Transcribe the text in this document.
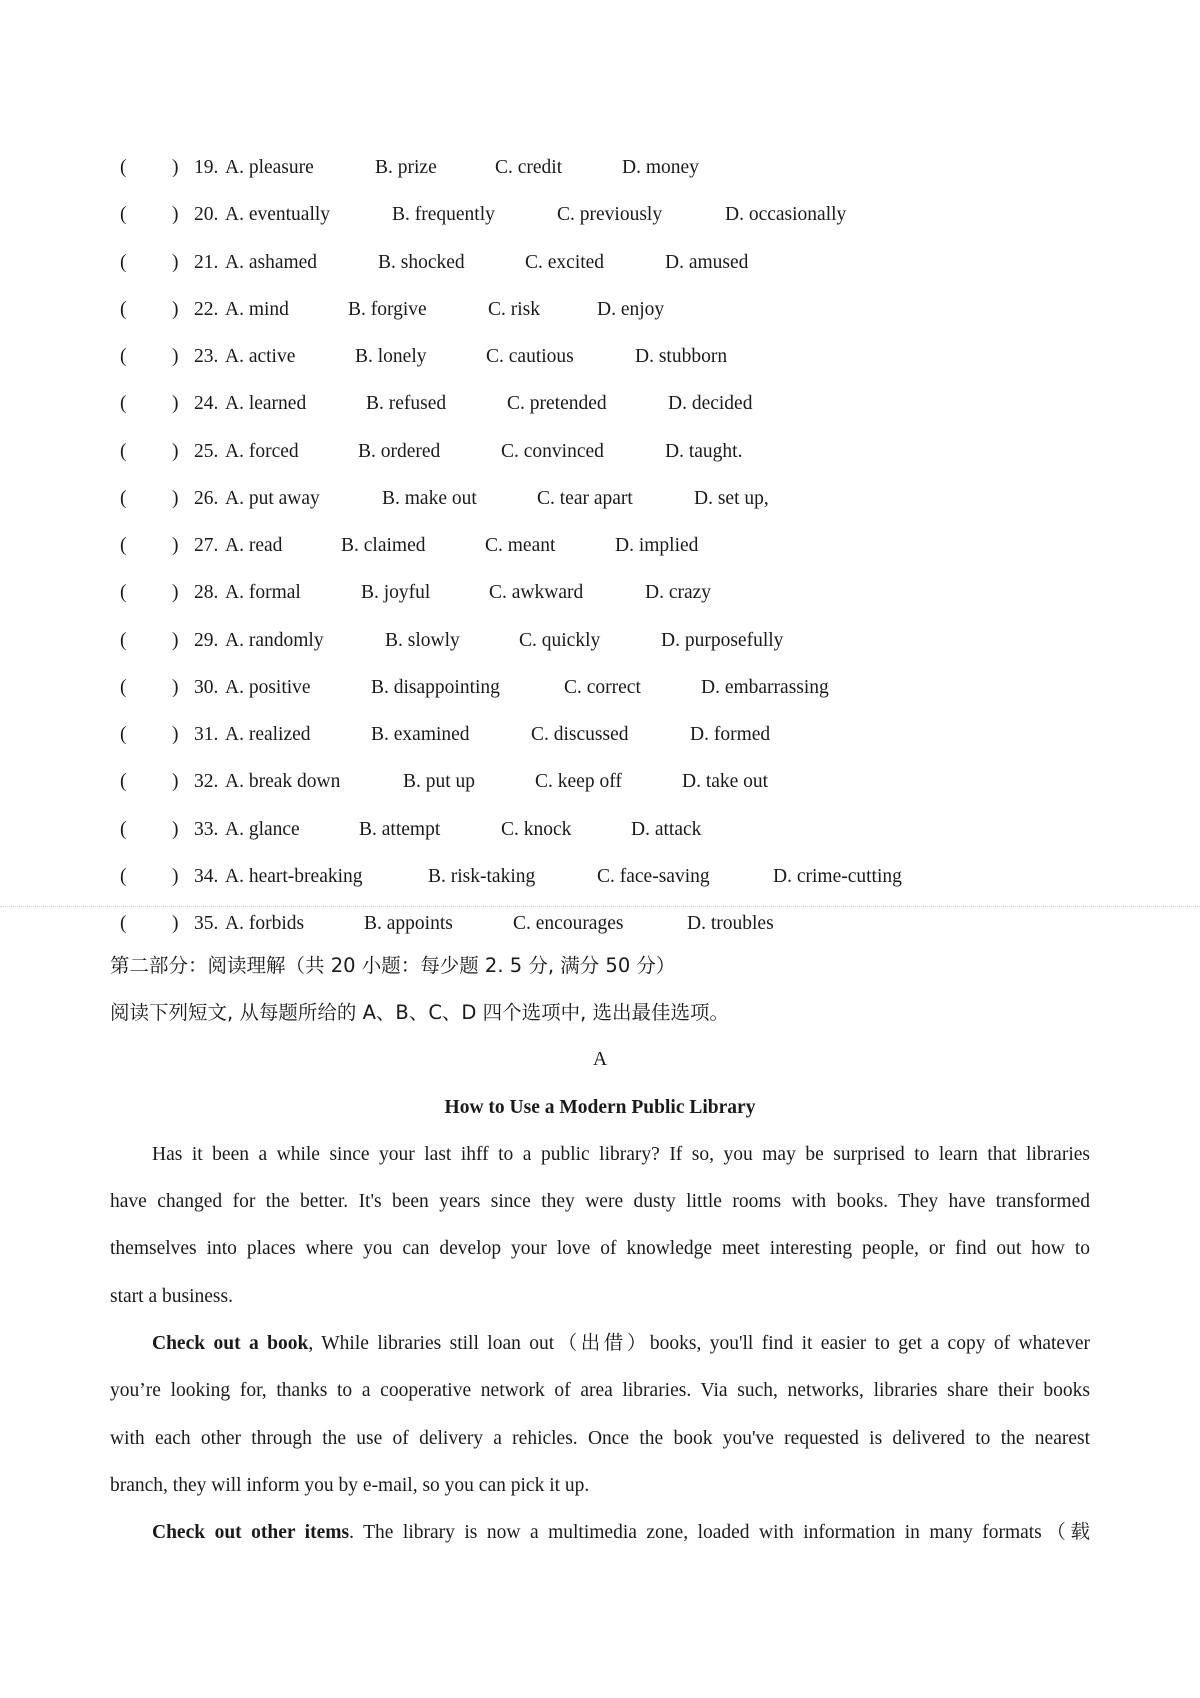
( ) 19. A. pleasure	B. prize	C. credit	D. money
( ) 20. A. eventually	B. frequently	C. previously	D. occasionally
( ) 21. A. ashamed	B. shocked	C. excited	D. amused
( ) 22. A. mind	B. forgive	C. risk	D. enjoy
( ) 23. A. active	B. lonely	C. cautious	D. stubborn
( ) 24. A. learned	B. refused	C. pretended	D. decided
( ) 25. A. forced	B. ordered	C. convinced	D. taught.
( ) 26. A. put away	B. make out	C. tear apart	D. set up,
( ) 27. A. read	B. claimed	C. meant	D. implied
( ) 28. A. formal	B. joyful	C. awkward	D. crazy
( ) 29. A. randomly	B. slowly	C. quickly	D. purposefully
( ) 30. A. positive	B. disappointing	C. correct	D. embarrassing
( ) 31. A. realized	B. examined	C. discussed	D. formed
( ) 32. A. break down	B. put up	C. keep off	D. take out
( ) 33. A. glance	B. attempt	C. knock	D. attack
( ) 34. A. heart-breaking	B. risk-taking	C. face-saving	D. crime-cutting
( ) 35. A. forbids	B. appoints	C. encourages	D. troubles
第二部分：阅读理解（共 20 小题：每少题 2. 5 分, 满分 50 分）
阅读下列短文, 从每题所给的 A、B、C、D 四个选项中, 选出最佳选项。
A
How to Use a Modern Public Library
Has it been a while since your last ihff to a public library? If so, you may be surprised to learn that libraries
have changed for the better. It's been years since they were dusty little rooms with books. They have transformed
themselves into places where you can develop your love of knowledge meet interesting people, or find out how to
start a business.
Check out a book, While libraries still loan out（出借）books, you'll find it easier to get a copy of whatever
you’re looking for, thanks to a cooperative network of area libraries. Via such, networks, libraries share their books
with each other through the use of delivery a rehicles. Once the book you've requested is delivered to the nearest
branch, they will inform you by e-mail, so you can pick it up.
Check out other items. The library is now a multimedia zone, loaded with information in many formats（载
